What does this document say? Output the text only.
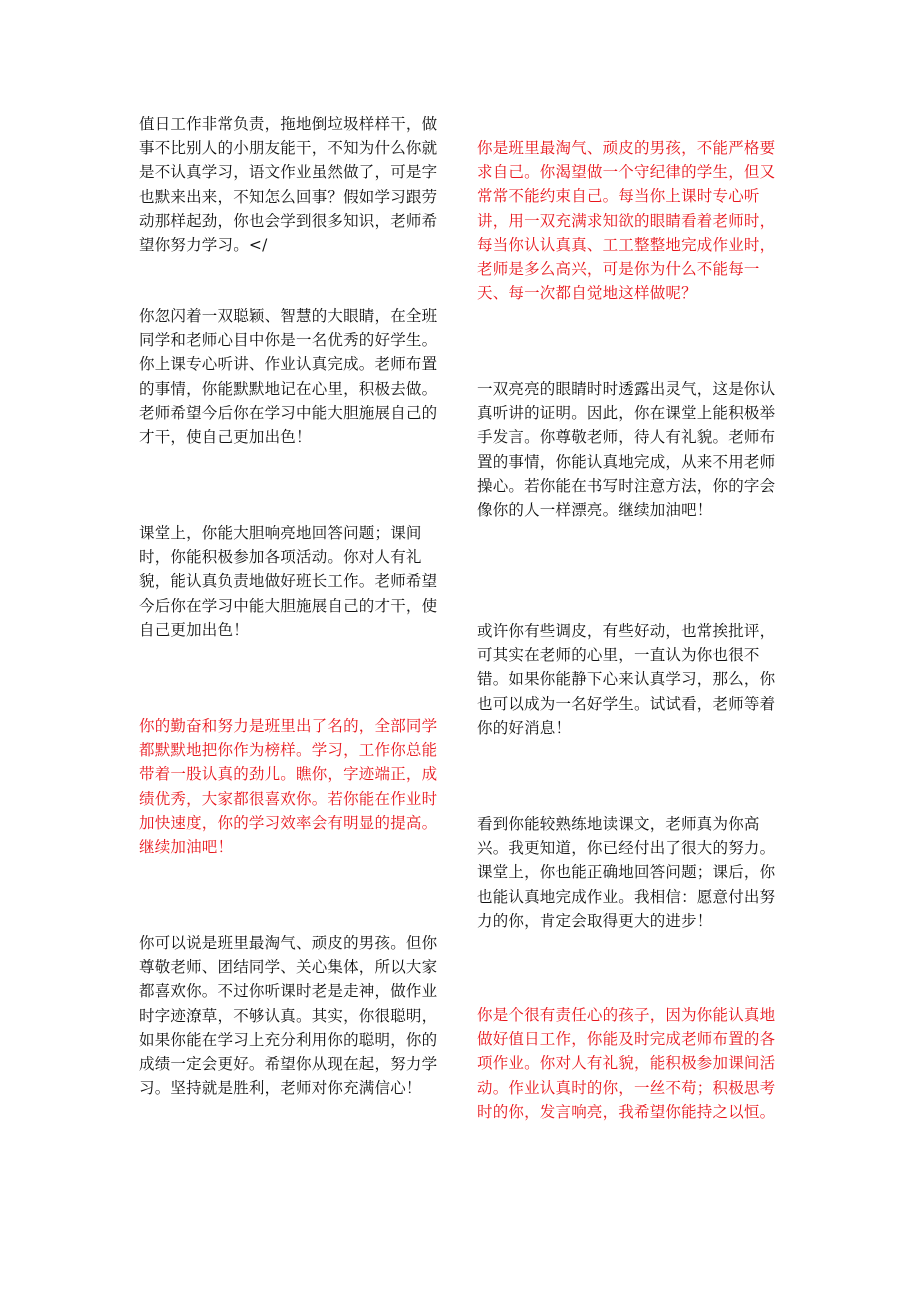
值日工作非常负责，拖地倒垃圾样样干，做事不比别人的小朋友能干，不知为什么你就是不认真学习，语文作业虽然做了，可是字也默来出来，不知怎么回事？假如学习跟劳动那样起劲，你也会学到很多知识，老师希望你努力学习。</

你忽闪着一双聪颖、智慧的大眼睛，在全班同学和老师心目中你是一名优秀的好学生。你上课专心听讲、作业认真完成。老师布置的事情，你能默默地记在心里，积极去做。老师希望今后你在学习中能大胆施展自己的才干，使自己更加出色！

课堂上，你能大胆响亮地回答问题；课间时，你能积极参加各项活动。你对人有礼貌，能认真负责地做好班长工作。老师希望今后你在学习中能大胆施展自己的才干，使自己更加出色！

你的勤奋和努力是班里出了名的，全部同学都默默地把你作为榜样。学习，工作你总能带着一股认真的劲儿。瞧你，字迹端正，成绩优秀，大家都很喜欢你。若你能在作业时加快速度，你的学习效率会有明显的提高。继续加油吧！

你可以说是班里最淘气、顽皮的男孩。但你尊敬老师、团结同学、关心集体，所以大家都喜欢你。不过你听课时老是走神，做作业时字迹潦草，不够认真。其实，你很聪明，如果你能在学习上充分利用你的聪明，你的成绩一定会更好。希望你从现在起，努力学习。坚持就是胜利，老师对你充满信心！

你是班里最淘气、顽皮的男孩，不能严格要求自己。你渴望做一个守纪律的学生，但又常常不能约束自己。每当你上课时专心听讲，用一双充满求知欲的眼睛看着老师时，每当你认认真真、工工整整地完成作业时，老师是多么高兴，可是你为什么不能每一天、每一次都自觉地这样做呢？

一双亮亮的眼睛时时透露出灵气，这是你认真听讲的证明。因此，你在课堂上能积极举手发言。你尊敬老师，待人有礼貌。老师布置的事情，你能认真地完成，从来不用老师操心。若你能在书写时注意方法，你的字会像你的人一样漂亮。继续加油吧！

或许你有些调皮，有些好动，也常挨批评，可其实在老师的心里，一直认为你也很不错。如果你能静下心来认真学习，那么，你也可以成为一名好学生。试试看，老师等着你的好消息！

看到你能较熟练地读课文，老师真为你高兴。我更知道，你已经付出了很大的努力。课堂上，你也能正确地回答问题；课后，你也能认真地完成作业。我相信：愿意付出努力的你，肯定会取得更大的进步！

你是个很有责任心的孩子，因为你能认真地做好值日工作，你能及时完成老师布置的各项作业。你对人有礼貌，能积极参加课间活动。作业认真时的你，一丝不苟；积极思考时的你，发言响亮，我希望你能持之以恒。
